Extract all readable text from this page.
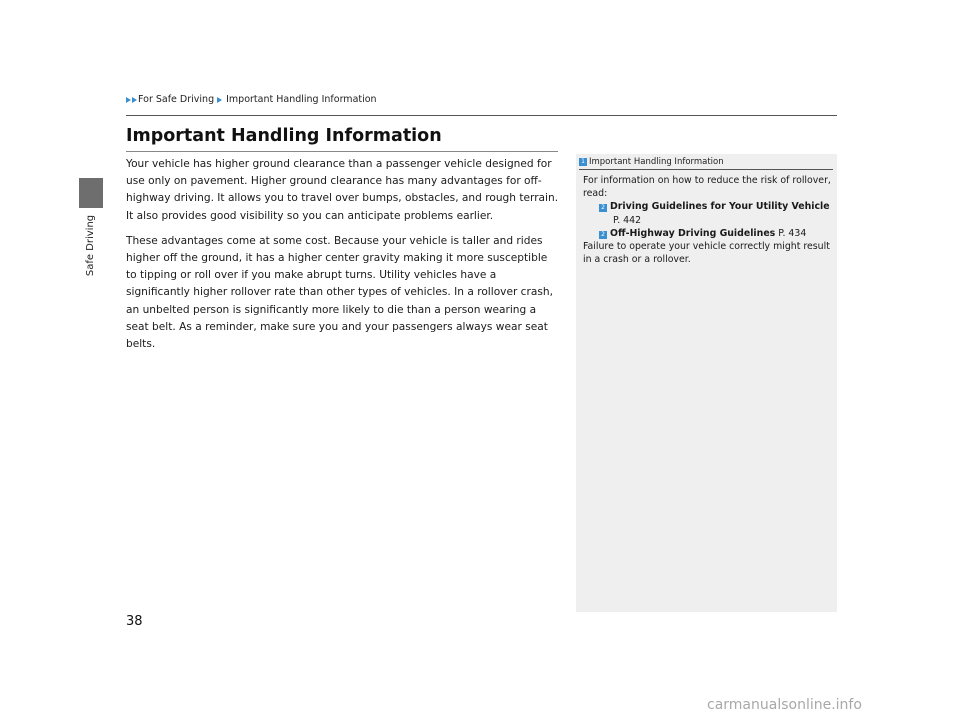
Safe Driving
For Safe Driving Important Handling Information
Important Handling Information

Your vehicle has higher ground clearance than a passenger vehicle designed for use only on pavement. Higher ground clearance has many advantages for off-highway driving. It allows you to travel over bumps, obstacles, and rough terrain. It also provides good visibility so you can anticipate problems earlier.

These advantages come at some cost. Because your vehicle is taller and rides higher off the ground, it has a higher center gravity making it more susceptible to tipping or roll over if you make abrupt turns. Utility vehicles have a significantly higher rollover rate than other types of vehicles. In a rollover crash, an unbelted person is significantly more likely to die than a person wearing a seat belt. As a reminder, make sure you and your passengers always wear seat belts.

1 Important Handling Information

For information on how to reduce the risk of rollover, read:

2 Driving Guidelines for Your Utility Vehicle

P. 442

2 Off-Highway Driving Guidelines P. 434

Failure to operate your vehicle correctly might result in a crash or a rollover.

38
carmanualsonline.info
